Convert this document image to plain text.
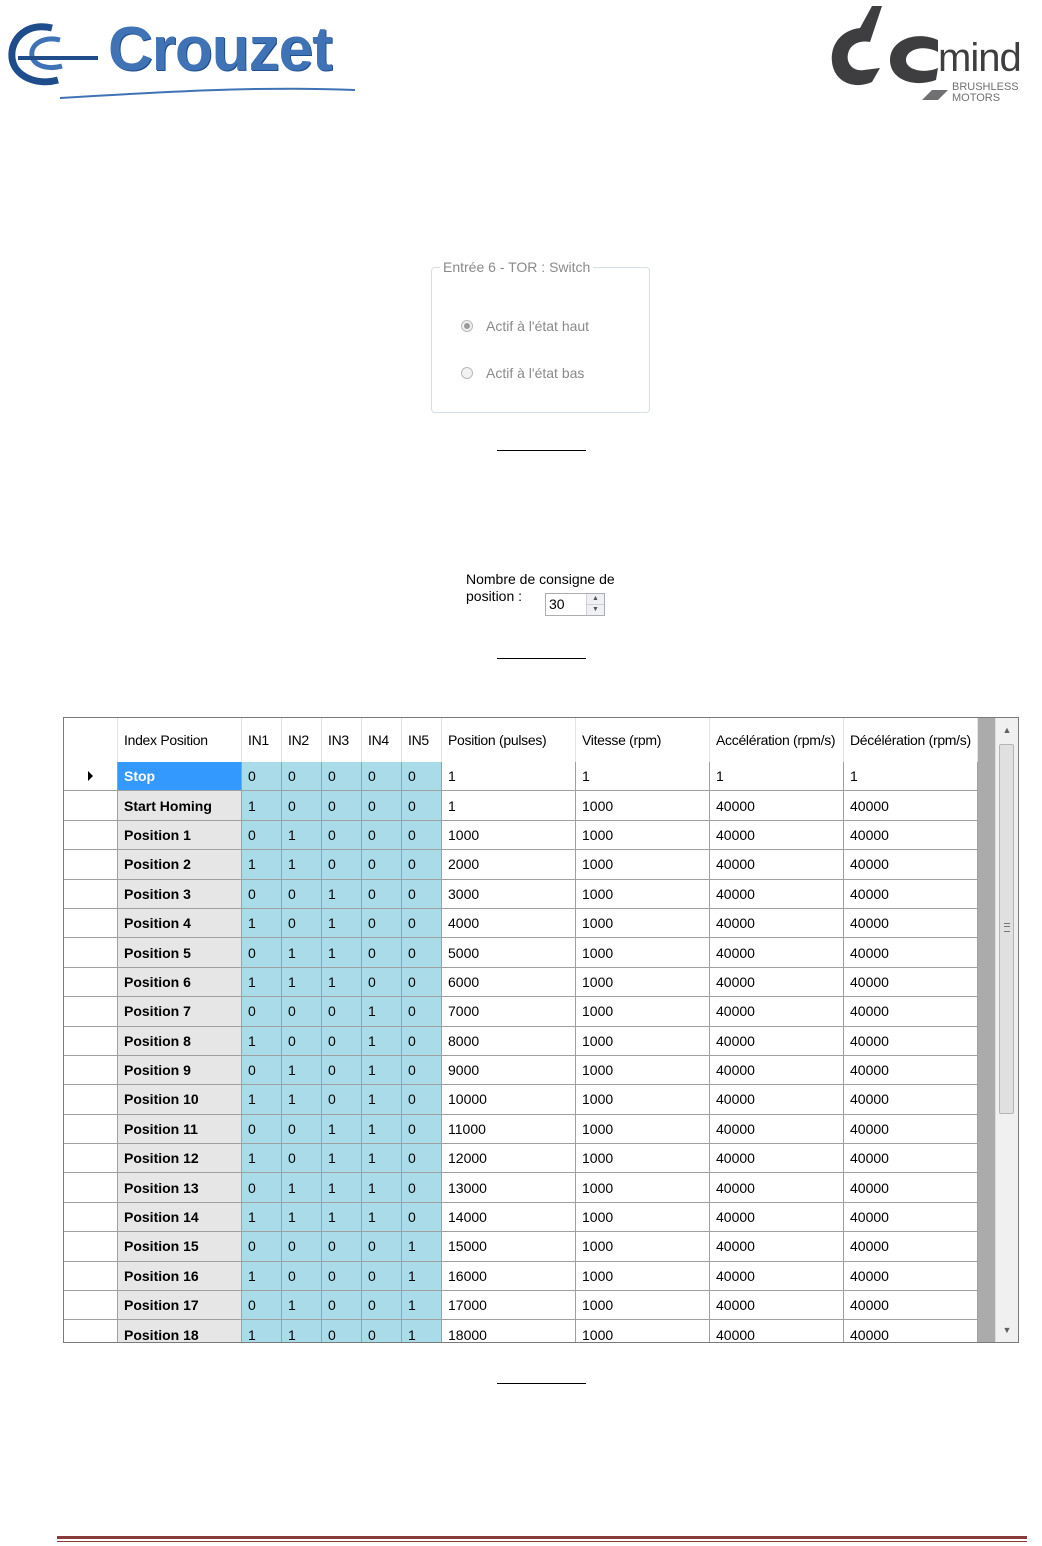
Crouzet	mind
BRUSHLESS
MOTORS
Entrée 6 - TOR : Switch
Actif à l'état haut
Actif à l'état bas
Nombre de consigne de
position :	30	▲
▼
Index Position	IN1	IN2	IN3	IN4	IN5	Position (pulses)	Vitesse (rpm)	Accélération (rpm/s)	Décélération (rpm/s)
Stop	0	0	0	0	0	1	1	1	1
Start Homing	1	0	0	0	0	1	1000	40000	40000
Position 1	0	1	0	0	0	1000	1000	40000	40000
Position 2	1	1	0	0	0	2000	1000	40000	40000
Position 3	0	0	1	0	0	3000	1000	40000	40000
Position 4	1	0	1	0	0	4000	1000	40000	40000
Position 5	0	1	1	0	0	5000	1000	40000	40000
Position 6	1	1	1	0	0	6000	1000	40000	40000
Position 7	0	0	0	1	0	7000	1000	40000	40000
Position 8	1	0	0	1	0	8000	1000	40000	40000
Position 9	0	1	0	1	0	9000	1000	40000	40000
Position 10	1	1	0	1	0	10000	1000	40000	40000
Position 11	0	0	1	1	0	11000	1000	40000	40000
Position 12	1	0	1	1	0	12000	1000	40000	40000
Position 13	0	1	1	1	0	13000	1000	40000	40000
Position 14	1	1	1	1	0	14000	1000	40000	40000
Position 15	0	0	0	0	1	15000	1000	40000	40000
Position 16	1	0	0	0	1	16000	1000	40000	40000
Position 17	0	1	0	0	1	17000	1000	40000	40000
Position 18	1	1	0	0	1	18000	1000	40000	40000
▲
▼
